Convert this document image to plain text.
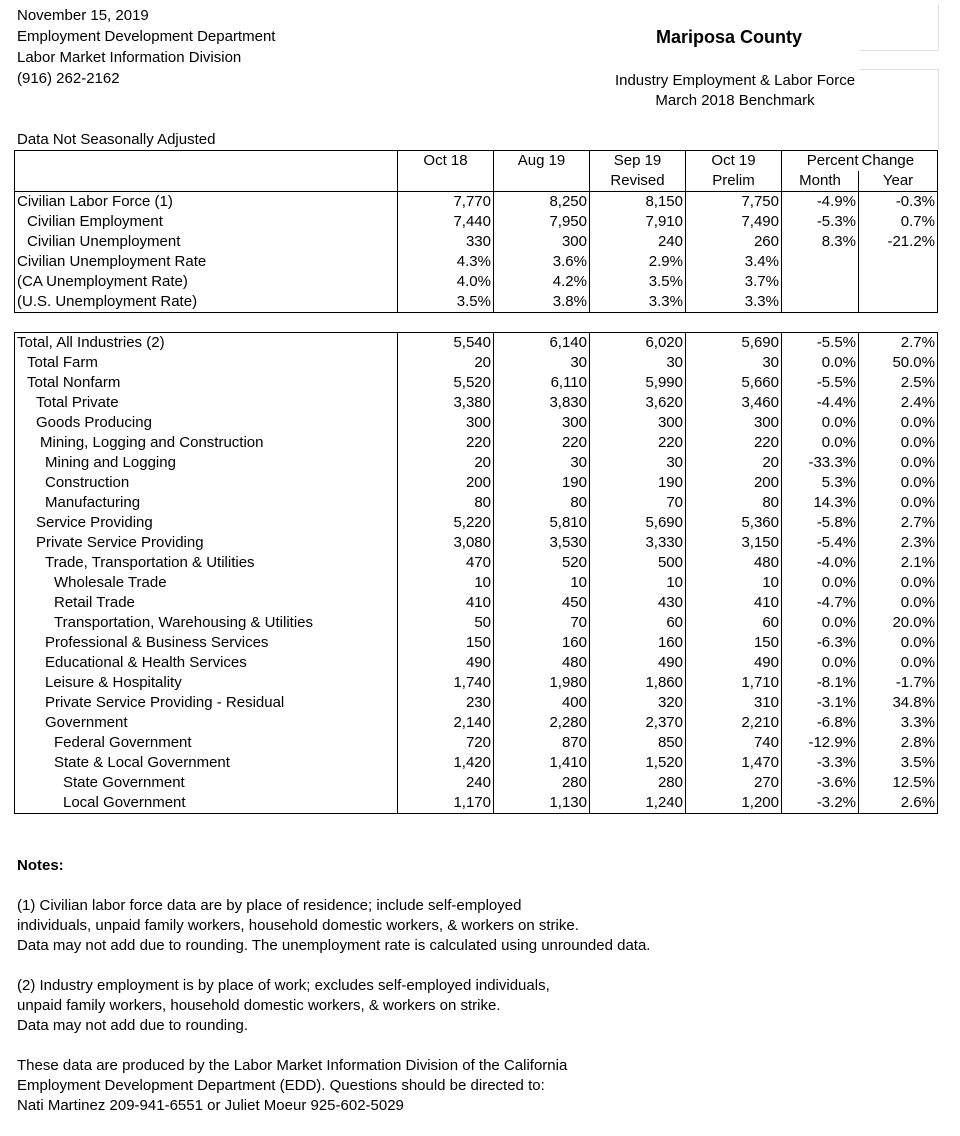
November 15, 2019
Employment Development Department
Labor Market Information Division
(916) 262-2162
Mariposa County
Industry Employment & Labor Force
March 2018 Benchmark
Data Not Seasonally Adjusted
	Oct 18	Aug 19	Sep 19	Oct 19	Percent	Change
			Revised	Prelim	Month	Year
Civilian Labor Force (1)	7,770	8,250	8,150	7,750	-4.9%	-0.3%
Civilian Employment	7,440	7,950	7,910	7,490	-5.3%	0.7%
Civilian Unemployment	330	300	240	260	8.3%	-21.2%
Civilian Unemployment Rate	4.3%	3.6%	2.9%	3.4%		
(CA Unemployment Rate)	4.0%	4.2%	3.5%	3.7%		
(U.S. Unemployment Rate)	3.5%	3.8%	3.3%	3.3%		
Total, All Industries (2)	5,540	6,140	6,020	5,690	-5.5%	2.7%
Total Farm	20	30	30	30	0.0%	50.0%
Total Nonfarm	5,520	6,110	5,990	5,660	-5.5%	2.5%
Total Private	3,380	3,830	3,620	3,460	-4.4%	2.4%
Goods Producing	300	300	300	300	0.0%	0.0%
Mining, Logging and Construction	220	220	220	220	0.0%	0.0%
Mining and Logging	20	30	30	20	-33.3%	0.0%
Construction	200	190	190	200	5.3%	0.0%
Manufacturing	80	80	70	80	14.3%	0.0%
Service Providing	5,220	5,810	5,690	5,360	-5.8%	2.7%
Private Service Providing	3,080	3,530	3,330	3,150	-5.4%	2.3%
Trade, Transportation & Utilities	470	520	500	480	-4.0%	2.1%
Wholesale Trade	10	10	10	10	0.0%	0.0%
Retail Trade	410	450	430	410	-4.7%	0.0%
Transportation, Warehousing & Utilities	50	70	60	60	0.0%	20.0%
Professional & Business Services	150	160	160	150	-6.3%	0.0%
Educational & Health Services	490	480	490	490	0.0%	0.0%
Leisure & Hospitality	1,740	1,980	1,860	1,710	-8.1%	-1.7%
Private Service Providing - Residual	230	400	320	310	-3.1%	34.8%
Government	2,140	2,280	2,370	2,210	-6.8%	3.3%
Federal Government	720	870	850	740	-12.9%	2.8%
State & Local Government	1,420	1,410	1,520	1,470	-3.3%	3.5%
State Government	240	280	280	270	-3.6%	12.5%
Local Government	1,170	1,130	1,240	1,200	-3.2%	2.6%
Notes:

(1) Civilian labor force data are by place of residence; include self-employed
individuals, unpaid family workers, household domestic workers, & workers on strike.
Data may not add due to rounding. The unemployment rate is calculated using unrounded data.

(2) Industry employment is by place of work; excludes self-employed individuals,
unpaid family workers, household domestic workers, & workers on strike.
Data may not add due to rounding.

These data are produced by the Labor Market Information Division of the California
Employment Development Department (EDD). Questions should be directed to:
Nati Martinez 209-941-6551 or Juliet Moeur 925-602-5029
